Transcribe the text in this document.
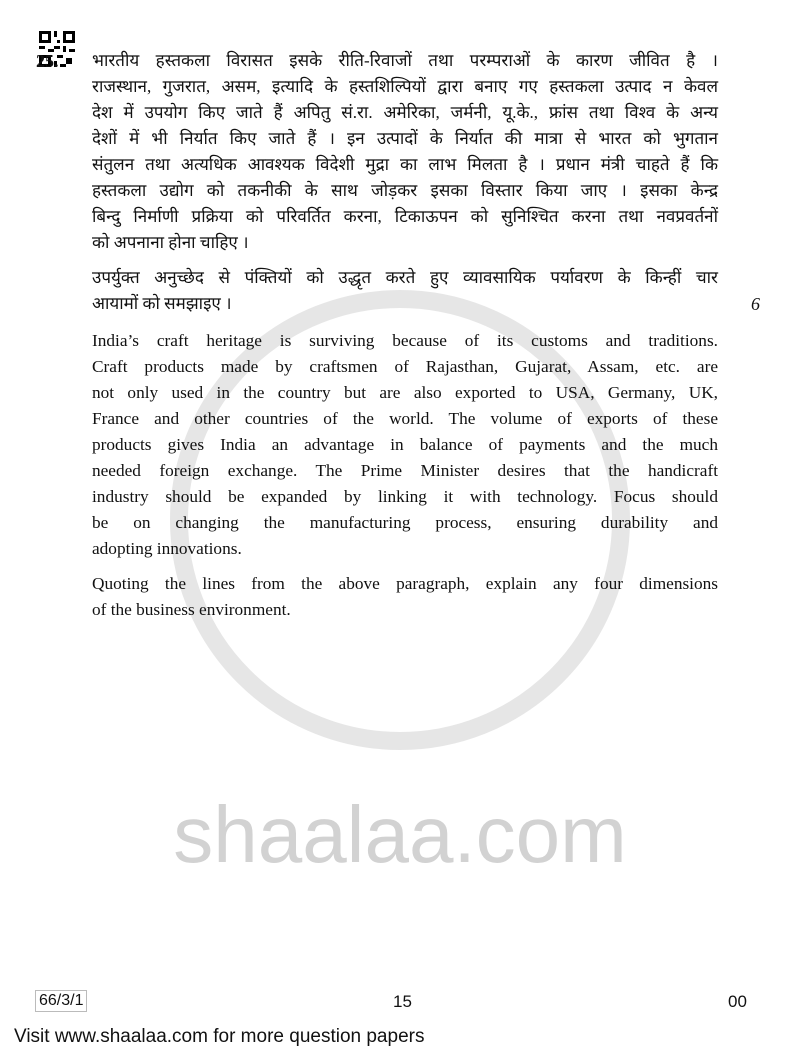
shaalaa.com
25. भारतीय हस्तकला विरासत इसके रीति-रिवाजों तथा परम्पराओं के कारण जीवित है ।
राजस्थान, गुजरात, असम, इत्यादि के हस्तशिल्पियों द्वारा बनाए गए हस्तकला उत्पाद न केवल
देश में उपयोग किए जाते हैं अपितु सं.रा. अमेरिका, जर्मनी, यू.के., फ्रांस तथा विश्व के अन्य
देशों में भी निर्यात किए जाते हैं । इन उत्पादों के निर्यात की मात्रा से भारत को भुगतान
संतुलन तथा अत्यधिक आवश्यक विदेशी मुद्रा का लाभ मिलता है । प्रधान मंत्री चाहते हैं कि
हस्तकला उद्योग को तकनीकी के साथ जोड़कर इसका विस्तार किया जाए । इसका केन्द्र
बिन्दु निर्माणी प्रक्रिया को परिवर्तित करना, टिकाऊपन को सुनिश्चित करना तथा नवप्रवर्तनों
को अपनाना होना चाहिए ।
उपर्युक्त अनुच्छेद से पंक्तियों को उद्धृत करते हुए व्यावसायिक पर्यावरण के किन्हीं चार
आयामों को समझाइए ।	6
India’s craft heritage is surviving because of its customs and traditions.
Craft products made by craftsmen of Rajasthan, Gujarat, Assam, etc. are
not only used in the country but are also exported to USA, Germany, UK,
France and other countries of the world. The volume of exports of these
products gives India an advantage in balance of payments and the much
needed foreign exchange. The Prime Minister desires that the handicraft
industry should be expanded by linking it with technology. Focus should
be on changing the manufacturing process, ensuring durability and
adopting innovations.
Quoting the lines from the above paragraph, explain any four dimensions
of the business environment.
66/3/1	15	00
Visit www.shaalaa.com for more question papers
